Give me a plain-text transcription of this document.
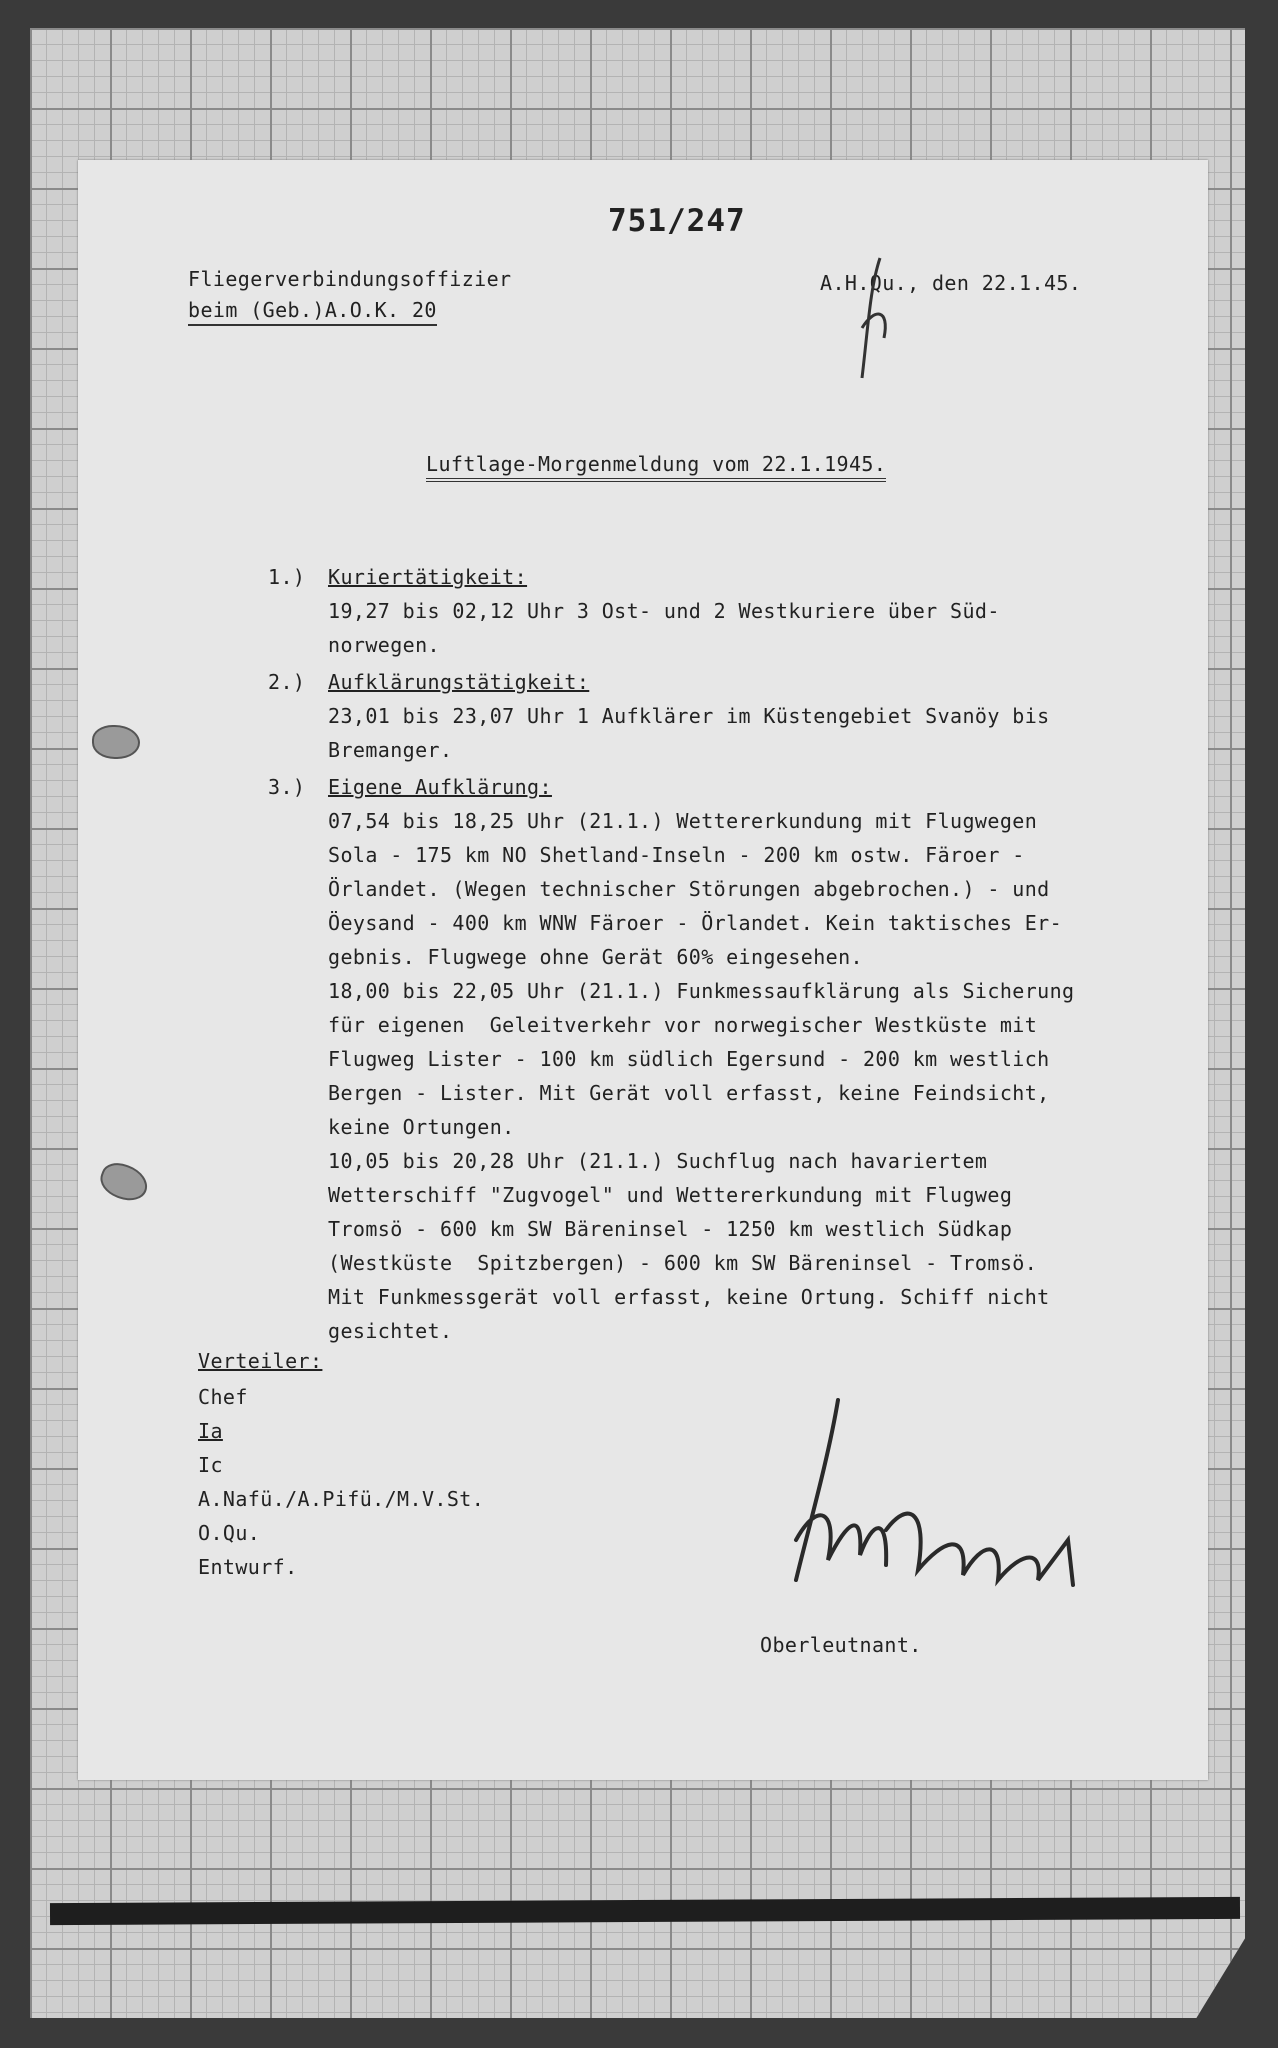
751/247
Fliegerverbindungsoffizier
beim (Geb.)A.O.K. 20
A.H.Qu., den 22.1.45.
Luftlage-Morgenmeldung vom 22.1.1945.
1.) Kuriertätigkeit:
19,27 bis 02,12 Uhr 3 Ost- und 2 Westkuriere über Süd-
norwegen.
2.) Aufklärungstätigkeit:
23,01 bis 23,07 Uhr 1 Aufklärer im Küstengebiet Svanöy bis
Bremanger.
3.) Eigene Aufklärung:
07,54 bis 18,25 Uhr (21.1.) Wettererkundung mit Flugwegen
Sola - 175 km NO Shetland-Inseln - 200 km ostw. Färoer -
Örlandet. (Wegen technischer Störungen abgebrochen.) - und
Öeysand - 400 km WNW Färoer - Örlandet. Kein taktisches Er-
gebnis. Flugwege ohne Gerät 60% eingesehen.
18,00 bis 22,05 Uhr (21.1.) Funkmessaufklärung als Sicherung
für eigenen  Geleitverkehr vor norwegischer Westküste mit
Flugweg Lister - 100 km südlich Egersund - 200 km westlich
Bergen - Lister. Mit Gerät voll erfasst, keine Feindsicht,
keine Ortungen.
10,05 bis 20,28 Uhr (21.1.) Suchflug nach havariertem
Wetterschiff "Zugvogel" und Wettererkundung mit Flugweg
Tromsö - 600 km SW Bäreninsel - 1250 km westlich Südkap
(Westküste  Spitzbergen) - 600 km SW Bäreninsel - Tromsö.
Mit Funkmessgerät voll erfasst, keine Ortung. Schiff nicht
gesichtet.
Verteiler:
Chef
Ia
Ic
A.Nafü./A.Pifü./M.V.St.
O.Qu.
Entwurf.
Oberleutnant.
